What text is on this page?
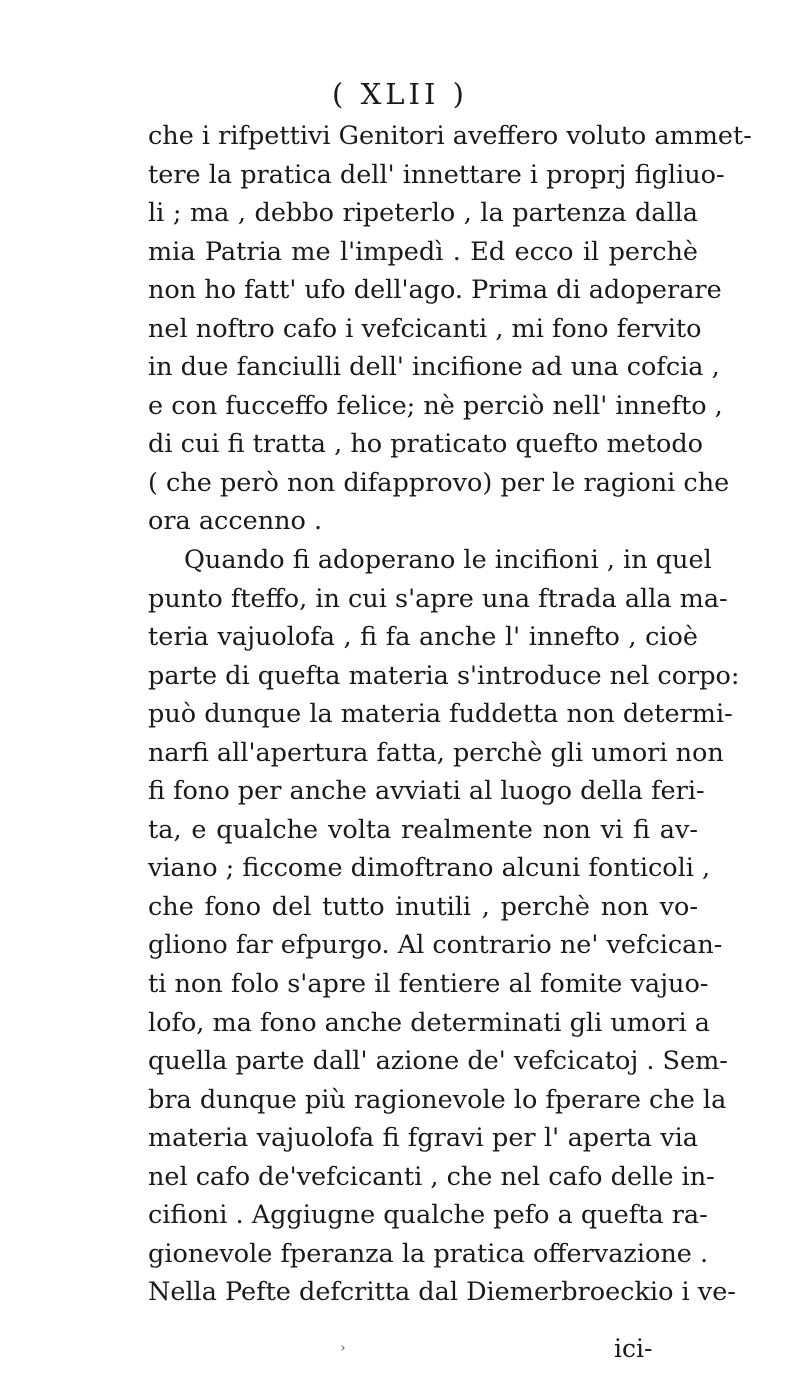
( XLII )
che i rifpettivi Genitori aveffero voluto ammet-
tere la pratica dell' innettare i proprj figliuo-
li ; ma , debbo ripeterlo , la partenza dalla
mia Patria me l'impedì . Ed ecco il perchè
non ho fatt' ufo dell'ago. Prima di adoperare
nel noftro cafo i vefcicanti , mi fono fervito
in due fanciulli dell' incifione ad una cofcia ,
e con fucceffo felice; nè perciò nell' innefto ,
di cui fi tratta , ho praticato quefto metodo
( che però non difapprovo) per le ragioni che
ora accenno .
Quando fi adoperano le incifioni , in quel
punto fteffo, in cui s'apre una ftrada alla ma-
teria vajuolofa , fi fa anche l' innefto , cioè
parte di quefta materia s'introduce nel corpo:
può dunque la materia fuddetta non determi-
narfi all'apertura fatta, perchè gli umori non
fi fono per anche avviati al luogo della feri-
ta, e qualche volta realmente non vi fi av-
viano ; ficcome dimoftrano alcuni fonticoli ,
che fono del tutto inutili , perchè non vo-
gliono far efpurgo. Al contrario ne' vefcican-
ti non folo s'apre il fentiere al fomite vajuo-
lofo, ma fono anche determinati gli umori a
quella parte dall' azione de' vefcicatoj . Sem-
bra dunque più ragionevole lo fperare che la
materia vajuolofa fi fgravi per l' aperta via
nel cafo de'vefcicanti , che nel cafo delle in-
cifioni . Aggiugne qualche pefo a quefta ra-
gionevole fperanza la pratica offervazione .
Nella Pefte defcritta dal Diemerbroeckio i ve-
›	ici-
